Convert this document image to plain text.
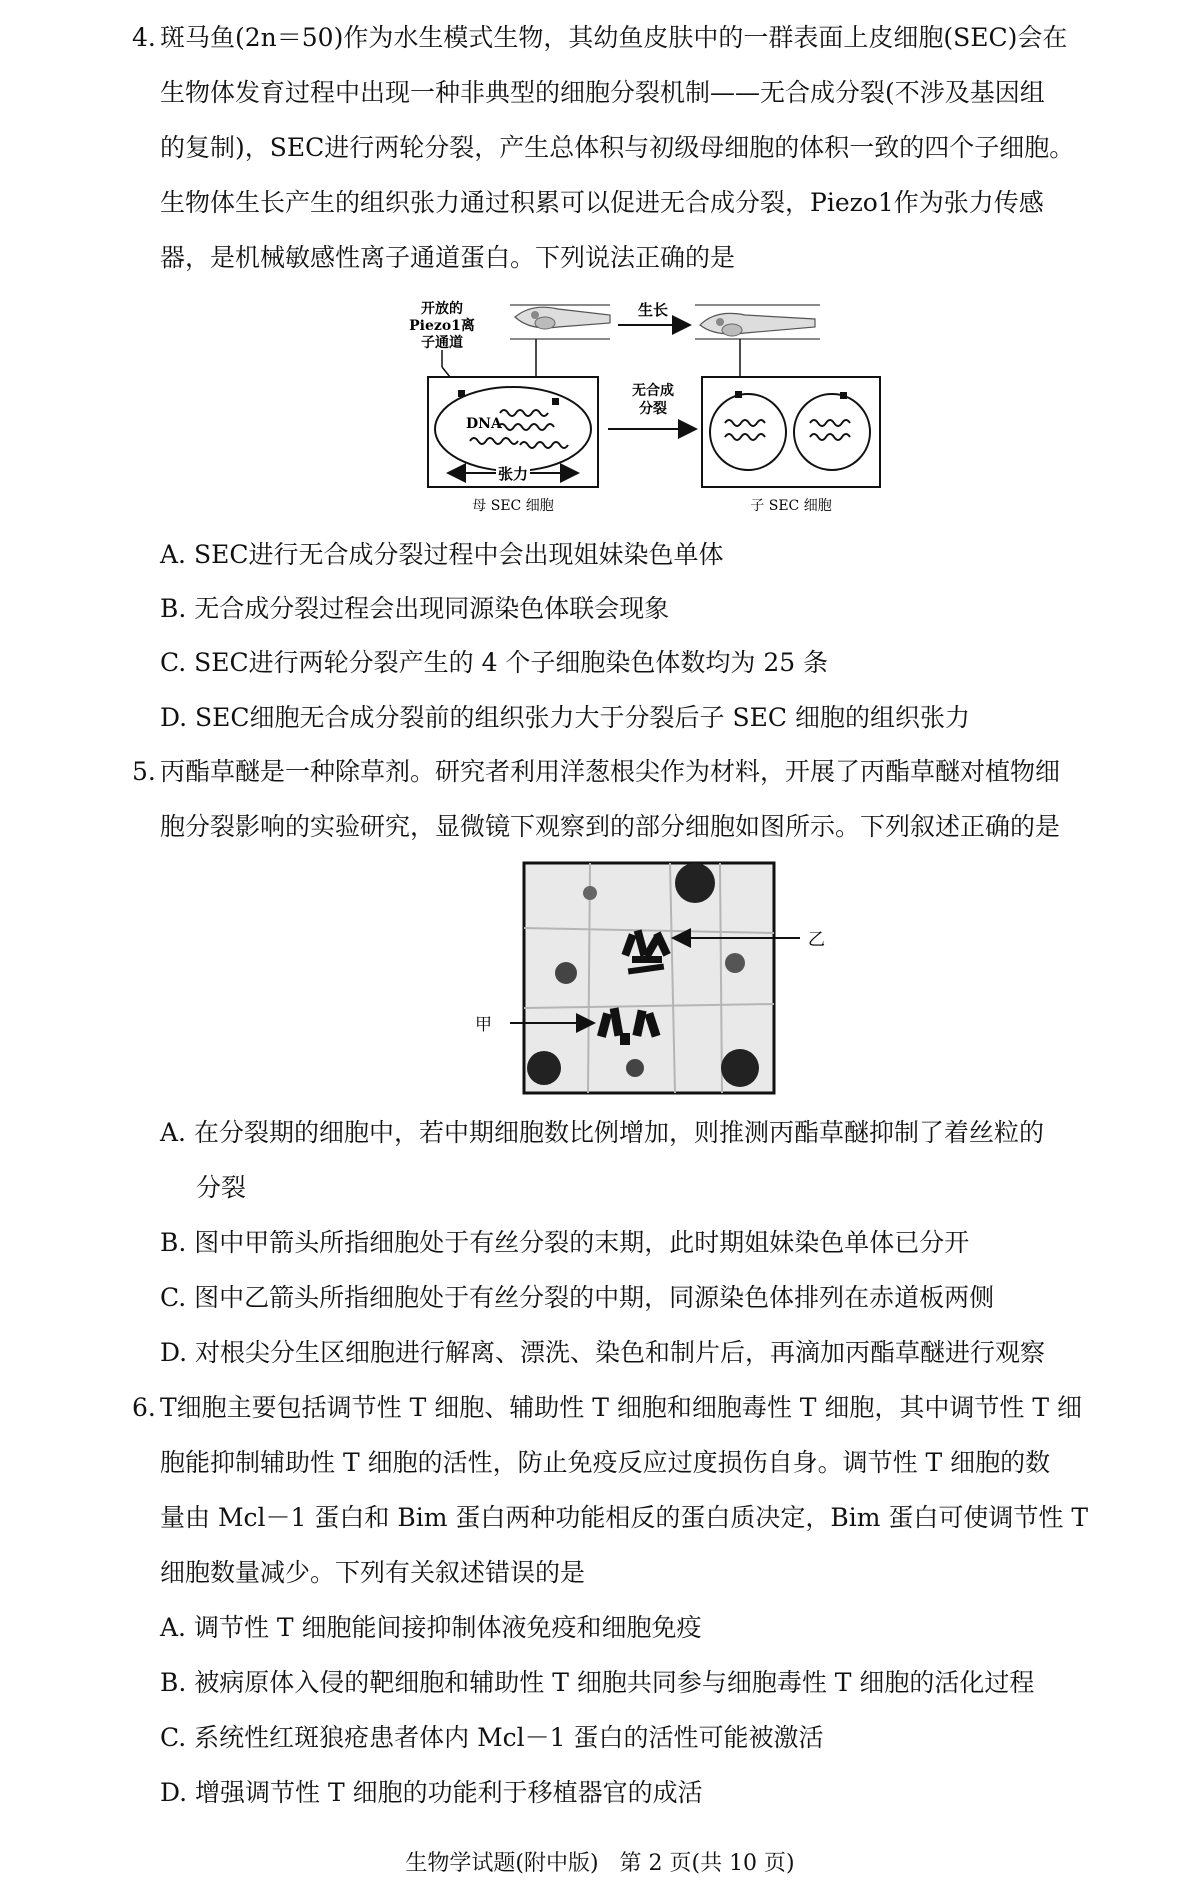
4. 斑马鱼(2n＝50)作为水生模式生物，其幼鱼皮肤中的一群表面上皮细胞(SEC)会在
生物体发育过程中出现一种非典型的细胞分裂机制——无合成分裂(不涉及基因组
的复制)，SEC进行两轮分裂，产生总体积与初级母细胞的体积一致的四个子细胞。
生物体生长产生的组织张力通过积累可以促进无合成分裂，Piezo1作为张力传感
器，是机械敏感性离子通道蛋白。下列说法正确的是
生长
开放的
Piezo1离
子通道
DNA
张力
母 SEC 细胞
无合成
分裂
子 SEC 细胞
A. SEC进行无合成分裂过程中会出现姐妹染色单体
B. 无合成分裂过程会出现同源染色体联会现象
C. SEC进行两轮分裂产生的 4 个子细胞染色体数均为 25 条
D. SEC细胞无合成分裂前的组织张力大于分裂后子 SEC 细胞的组织张力
5. 丙酯草醚是一种除草剂。研究者利用洋葱根尖作为材料，开展了丙酯草醚对植物细
胞分裂影响的实验研究，显微镜下观察到的部分细胞如图所示。下列叙述正确的是
甲
乙
A. 在分裂期的细胞中，若中期细胞数比例增加，则推测丙酯草醚抑制了着丝粒的
分裂
B. 图中甲箭头所指细胞处于有丝分裂的末期，此时期姐妹染色单体已分开
C. 图中乙箭头所指细胞处于有丝分裂的中期，同源染色体排列在赤道板两侧
D. 对根尖分生区细胞进行解离、漂洗、染色和制片后，再滴加丙酯草醚进行观察
6. T细胞主要包括调节性 T 细胞、辅助性 T 细胞和细胞毒性 T 细胞，其中调节性 T 细
胞能抑制辅助性 T 细胞的活性，防止免疫反应过度损伤自身。调节性 T 细胞的数
量由 Mcl－1 蛋白和 Bim 蛋白两种功能相反的蛋白质决定，Bim 蛋白可使调节性 T
细胞数量减少。下列有关叙述错误的是
A. 调节性 T 细胞能间接抑制体液免疫和细胞免疫
B. 被病原体入侵的靶细胞和辅助性 T 细胞共同参与细胞毒性 T 细胞的活化过程
C. 系统性红斑狼疮患者体内 Mcl－1 蛋白的活性可能被激活
D. 增强调节性 T 细胞的功能利于移植器官的成活
生物学试题(附中版)   第 2 页(共 10 页)
